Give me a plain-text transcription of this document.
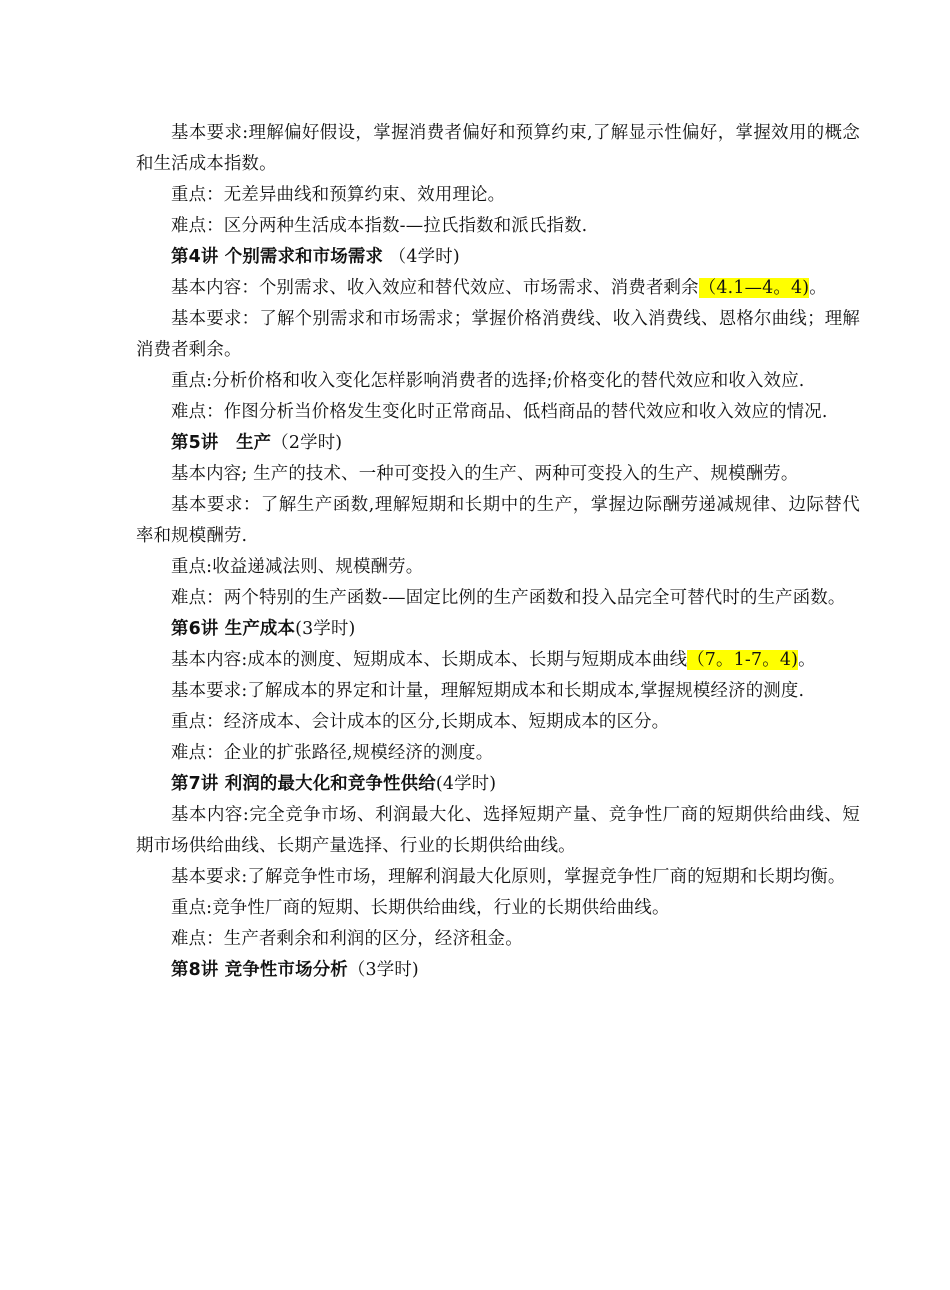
基本要求:理解偏好假设，掌握消费者偏好和预算约束,了解显示性偏好，掌握效用的概念和生活成本指数。

重点：无差异曲线和预算约束、效用理论。

难点：区分两种生活成本指数-—拉氏指数和派氏指数.

第4讲 个别需求和市场需求 （4学时)

基本内容：个别需求、收入效应和替代效应、市场需求、消费者剩余（4.1—4。4)。

基本要求：了解个别需求和市场需求；掌握价格消费线、收入消费线、恩格尔曲线；理解消费者剩余。

重点:分析价格和收入变化怎样影响消费者的选择;价格变化的替代效应和收入效应.

难点：作图分析当价格发生变化时正常商品、低档商品的替代效应和收入效应的情况.

第5讲　生产（2学时)

基本内容; 生产的技术、一种可变投入的生产、两种可变投入的生产、规模酬劳。

基本要求：了解生产函数,理解短期和长期中的生产，掌握边际酬劳递减规律、边际替代率和规模酬劳.

重点:收益递减法则、规模酬劳。

难点：两个特别的生产函数-—固定比例的生产函数和投入品完全可替代时的生产函数。

第6讲 生产成本(3学时)

基本内容:成本的测度、短期成本、长期成本、长期与短期成本曲线（7。1-7。4)。

基本要求:了解成本的界定和计量，理解短期成本和长期成本,掌握规模经济的测度.

重点：经济成本、会计成本的区分,长期成本、短期成本的区分。

难点：企业的扩张路径,规模经济的测度。

第7讲 利润的最大化和竞争性供给(4学时)

基本内容:完全竞争市场、利润最大化、选择短期产量、竞争性厂商的短期供给曲线、短期市场供给曲线、长期产量选择、行业的长期供给曲线。

基本要求:了解竞争性市场，理解利润最大化原则，掌握竞争性厂商的短期和长期均衡。

重点:竞争性厂商的短期、长期供给曲线，行业的长期供给曲线。

难点：生产者剩余和利润的区分，经济租金。

第8讲 竞争性市场分析（3学时)
